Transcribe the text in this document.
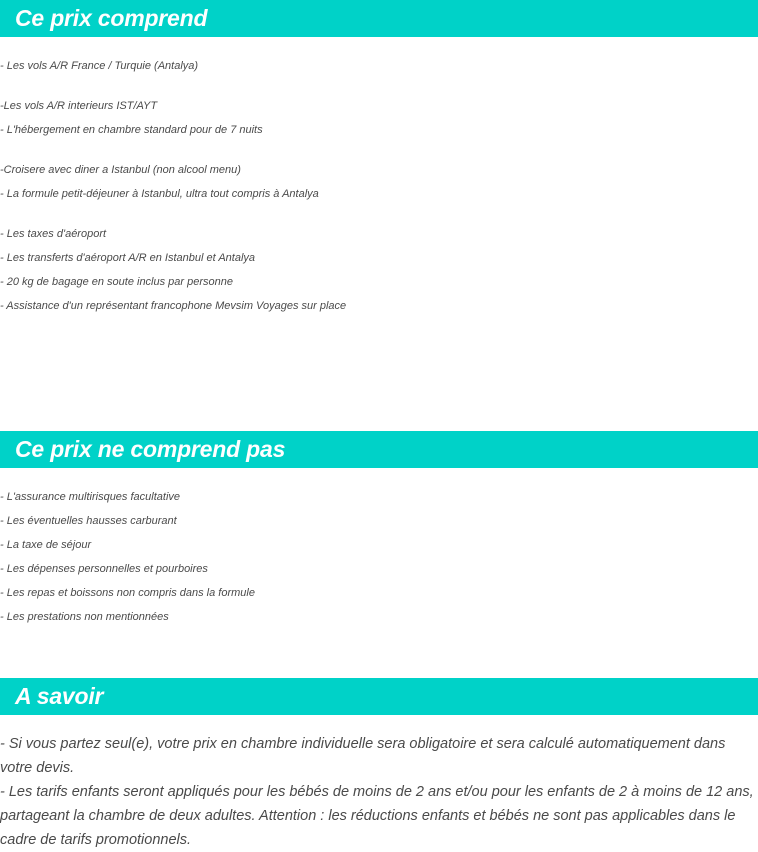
Ce prix comprend
- Les vols A/R France / Turquie (Antalya)
-Les vols A/R interieurs IST/AYT
- L'hébergement en chambre standard pour de 7 nuits
-Croisere avec diner a Istanbul (non alcool menu)
- La formule petit-déjeuner à Istanbul, ultra tout compris à Antalya
- Les taxes d'aéroport
- Les transferts d'aéroport A/R en Istanbul et Antalya
- 20 kg de bagage en soute inclus par personne
- Assistance d'un représentant francophone Mevsim Voyages sur place
Ce prix ne comprend pas
- L'assurance multirisques facultative
- Les éventuelles hausses carburant
- La taxe de séjour
- Les dépenses personnelles et pourboires
- Les repas et boissons non compris dans la formule
- Les prestations non mentionnées
A savoir
- Si vous partez seul(e), votre prix en chambre individuelle sera obligatoire et sera calculé automatiquement dans votre devis.
- Les tarifs enfants seront appliqués pour les bébés de moins de 2 ans et/ou pour les enfants de 2 à moins de 12 ans, partageant la chambre de deux adultes. Attention : les réductions enfants et bébés ne sont pas applicables dans le cadre de tarifs promotionnels.
